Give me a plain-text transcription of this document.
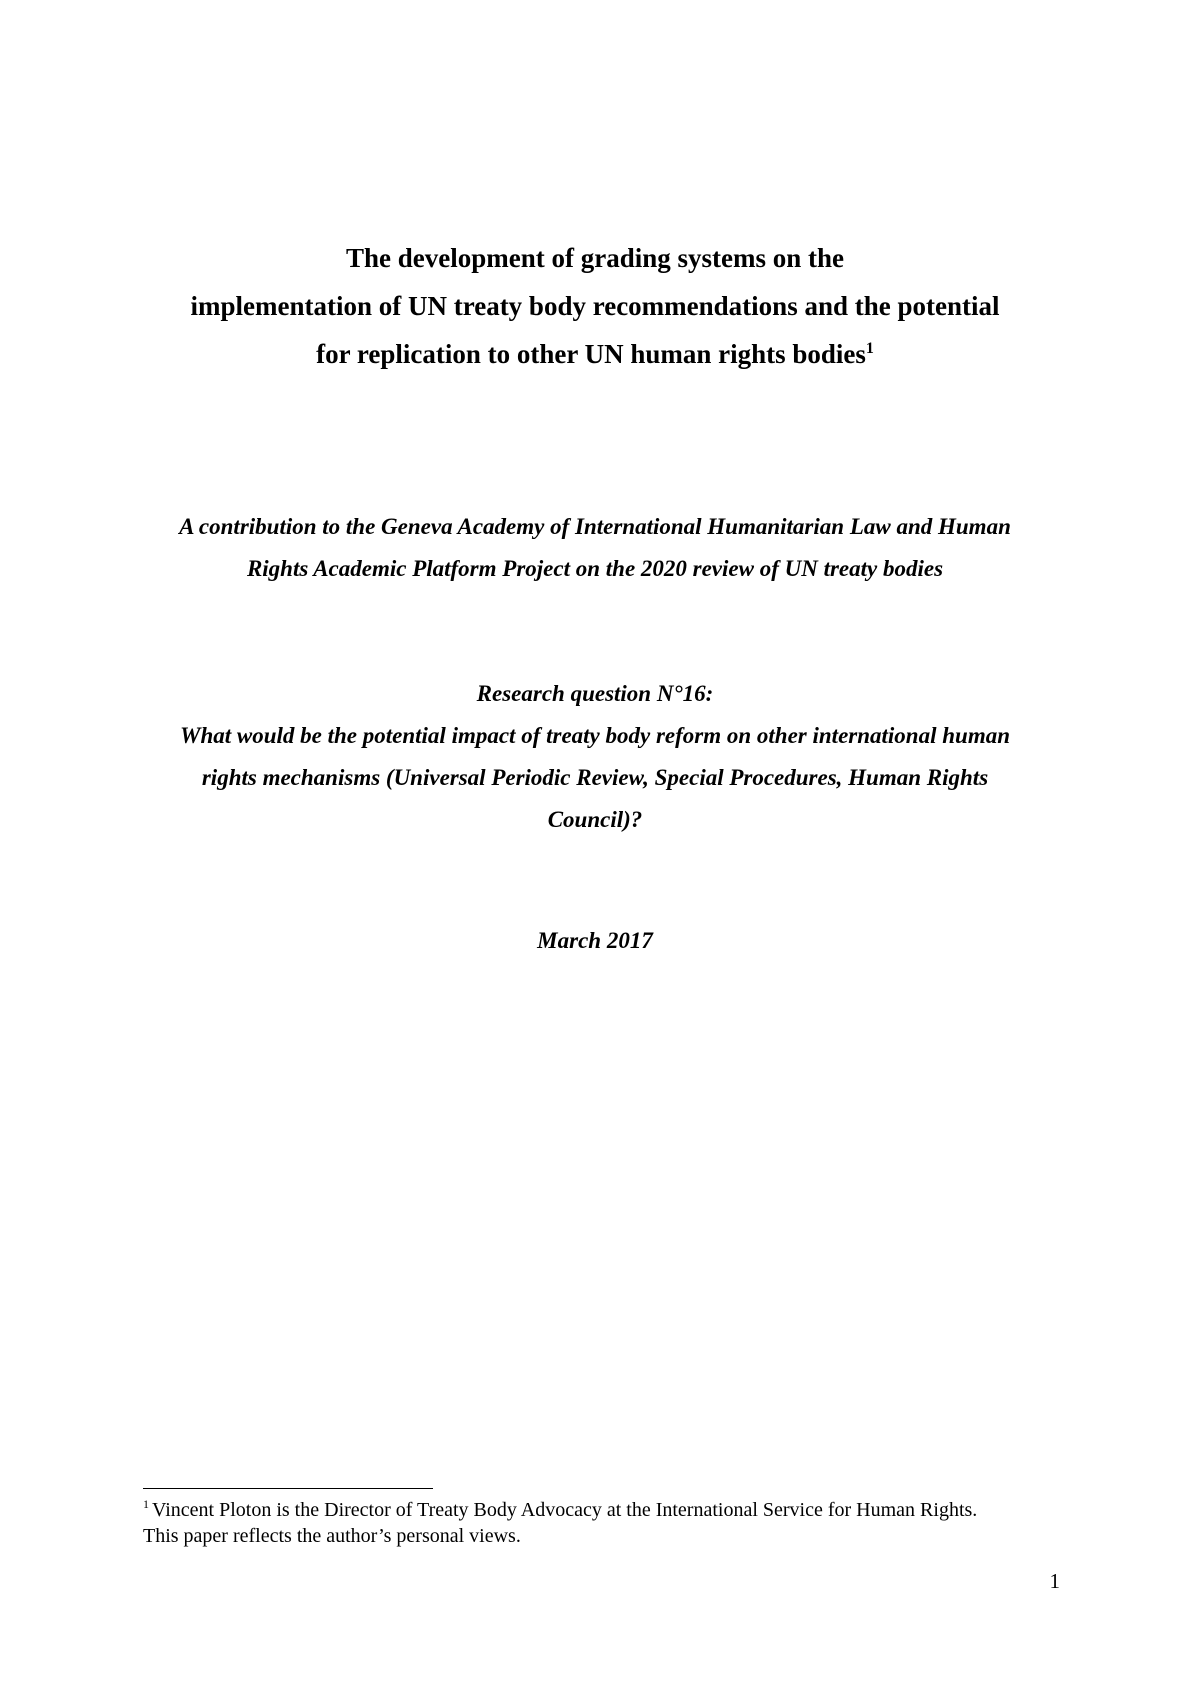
The development of grading systems on the
implementation of UN treaty body recommendations and the potential
for replication to other UN human rights bodies$^1$
A contribution to the Geneva Academy of International Humanitarian Law and Human
Rights Academic Platform Project on the 2020 review of UN treaty bodies
Research question N°16:
What would be the potential impact of treaty body reform on other international human
rights mechanisms (Universal Periodic Review, Special Procedures, Human Rights
Council)?
March 2017
$^1$ Vincent Ploton is the Director of Treaty Body Advocacy at the International Service for Human Rights.
This paper reflects the author’s personal views.
1
